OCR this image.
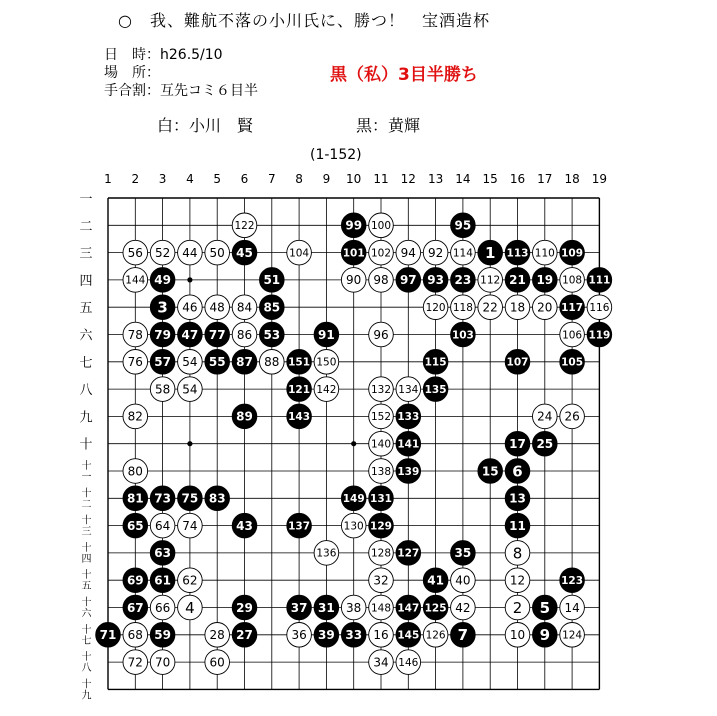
○　我、難航不落の小川氏に、勝つ！　宝酒造杯
日　時：h26.5/10
場　所：
手合割：互先コミ６目半
黒（私）3目半勝ち
白：小川　賢	黒：黄輝
(1-152)
1 2 3 4 5 6 7 8 9 10 11 12 13 14 15 16 17 18 19
一
二
三
四
五
六
七
八
九
十
十一
十二
十三
十四
十五
十六
十七
十八
十九
12
2
8
4
10
14
16
18 20
22
24 26
28
32
34
36
38
40
42
44
46 48
50
52
54
56
58
60
62
64
66
68
70
72
74
76
78
80
82
84
86
88
90
92
94
96
98
100
102
104
106
108
110
112
114
116
118
120
122
124
126
128
130
132 134
136
138
140
142
144
146
148
150
152
54
1
5
6
25
7	9
11
13
15
17
19
21
23
27
29	31
33
35
37
39
41
43
45
79
49	51
53
55
57
59
61
63
65
67
69
71
73 75
77
81	83
85
87
89
91
93
95
97
99
101
103
105
107
109
111
113
115
117
119
121
123
125
127
129
131
133
135
137
139
141
143
145
147
149
151
3
47
